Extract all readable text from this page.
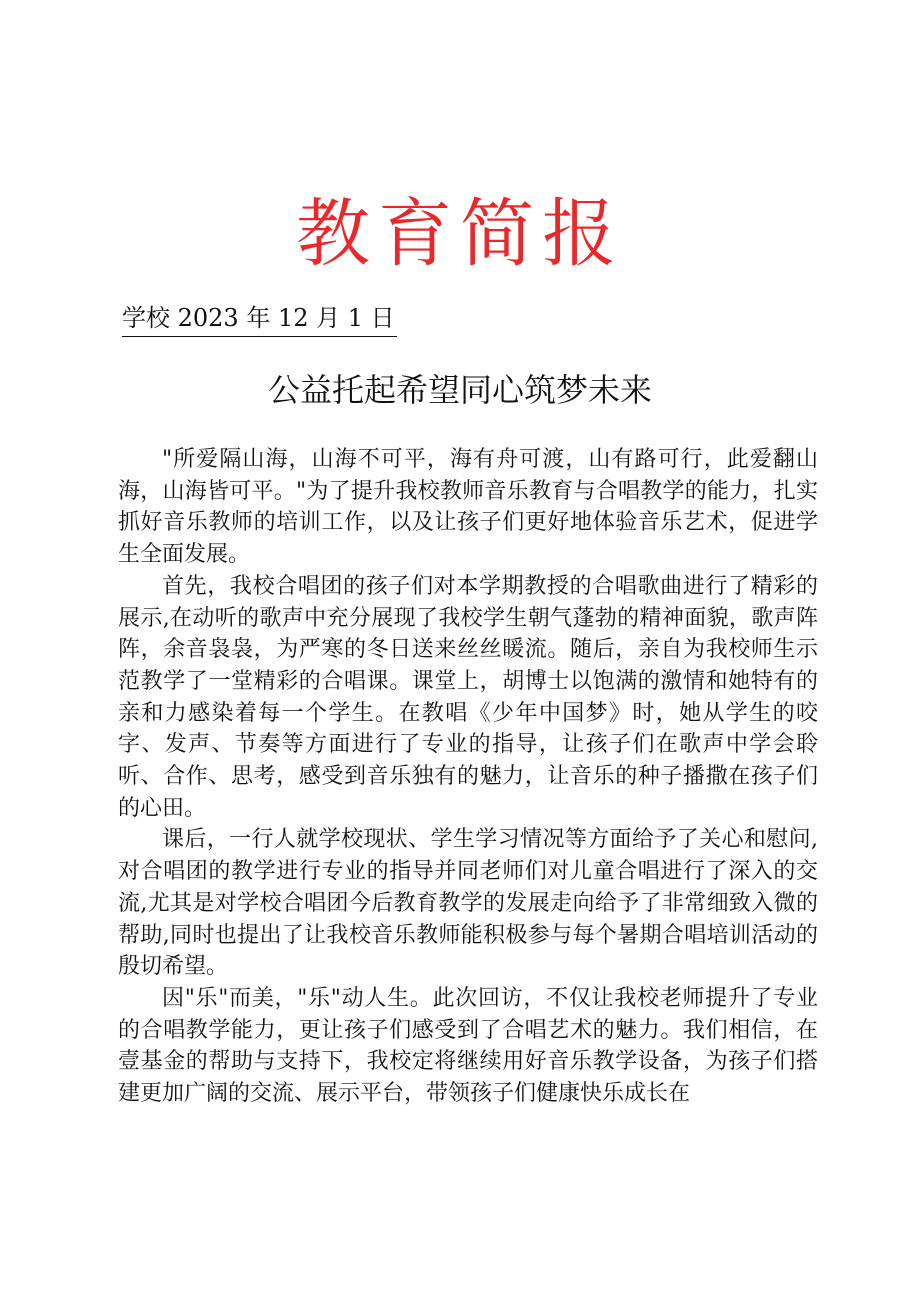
教育简报
学校 2023 年 12 月 1 日
公益托起希望同心筑梦未来

"所爱隔山海，山海不可平，海有舟可渡，山有路可行，此爱翻山海，山海皆可平。"为了提升我校教师音乐教育与合唱教学的能力，扎实抓好音乐教师的培训工作，以及让孩子们更好地体验音乐艺术，促进学生全面发展。

首先，我校合唱团的孩子们对本学期教授的合唱歌曲进行了精彩的展示,在动听的歌声中充分展现了我校学生朝气蓬勃的精神面貌，歌声阵阵，余音袅袅，为严寒的冬日送来丝丝暖流。随后，亲自为我校师生示范教学了一堂精彩的合唱课。课堂上，胡博士以饱满的激情和她特有的亲和力感染着每一个学生。在教唱《少年中国梦》时，她从学生的咬字、发声、节奏等方面进行了专业的指导，让孩子们在歌声中学会聆听、合作、思考，感受到音乐独有的魅力，让音乐的种子播撒在孩子们的心田。

课后，一行人就学校现状、学生学习情况等方面给予了关心和慰问,对合唱团的教学进行专业的指导并同老师们对儿童合唱进行了深入的交流,尤其是对学校合唱团今后教育教学的发展走向给予了非常细致入微的帮助,同时也提出了让我校音乐教师能积极参与每个暑期合唱培训活动的殷切希望。

因"乐"而美，"乐"动人生。此次回访，不仅让我校老师提升了专业的合唱教学能力，更让孩子们感受到了合唱艺术的魅力。我们相信，在壹基金的帮助与支持下，我校定将继续用好音乐教学设备，为孩子们搭建更加广阔的交流、展示平台，带领孩子们健康快乐成长在
